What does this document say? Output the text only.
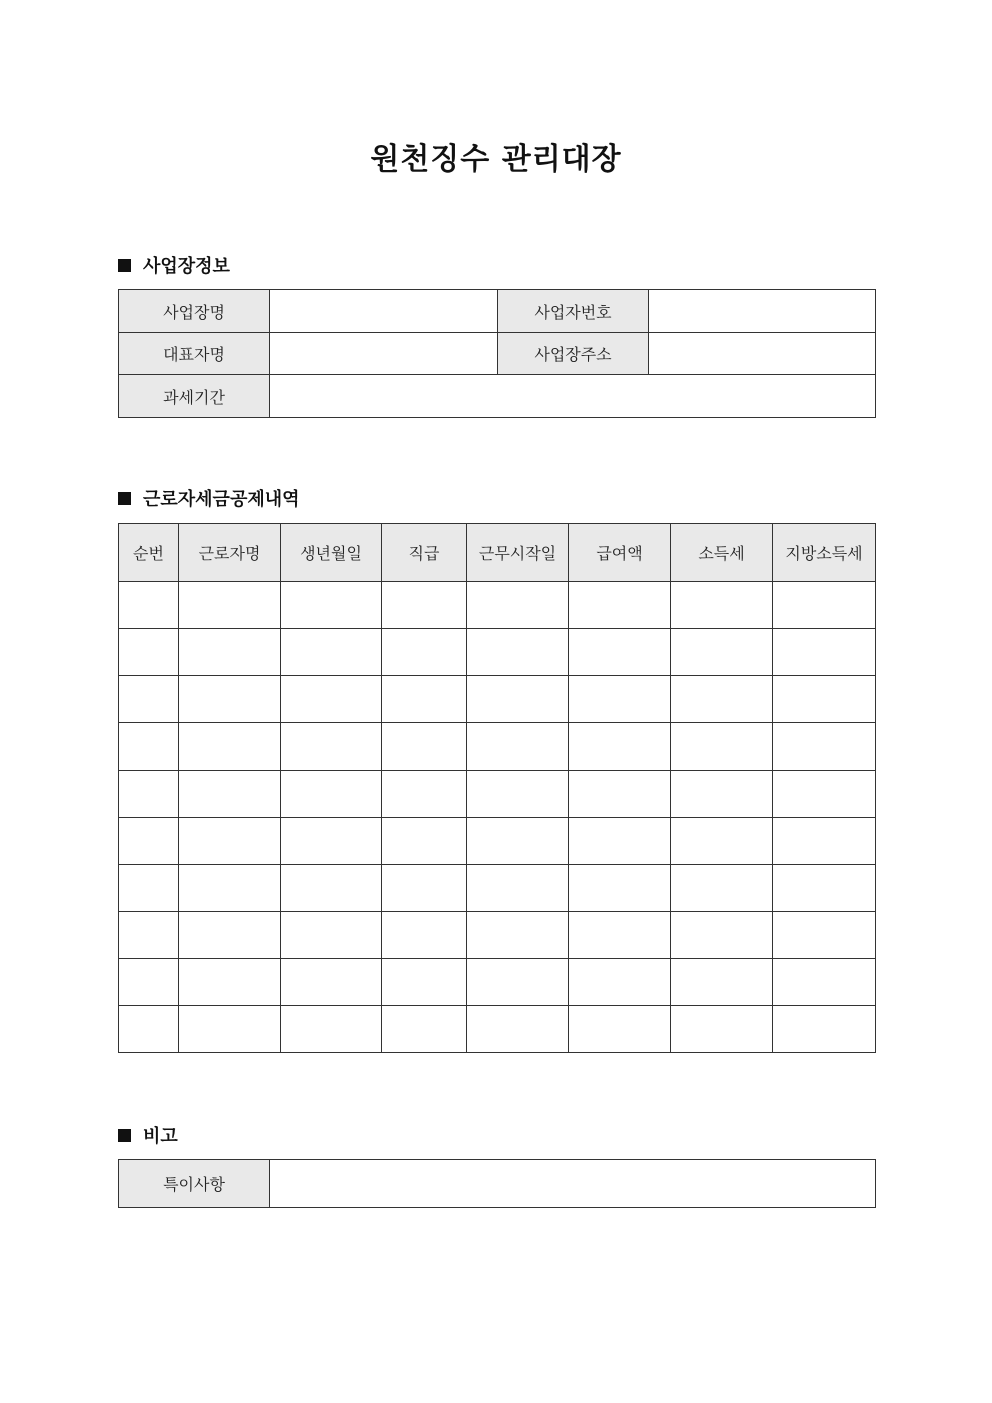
원천징수 관리대장
사업장정보
사업장명		사업자번호	
대표자명		사업장주소	
과세기간			
근로자세금공제내역
순번	근로자명	생년월일	직급	근무시작일	급여액	소득세	지방소득세

비고
특이사항	
